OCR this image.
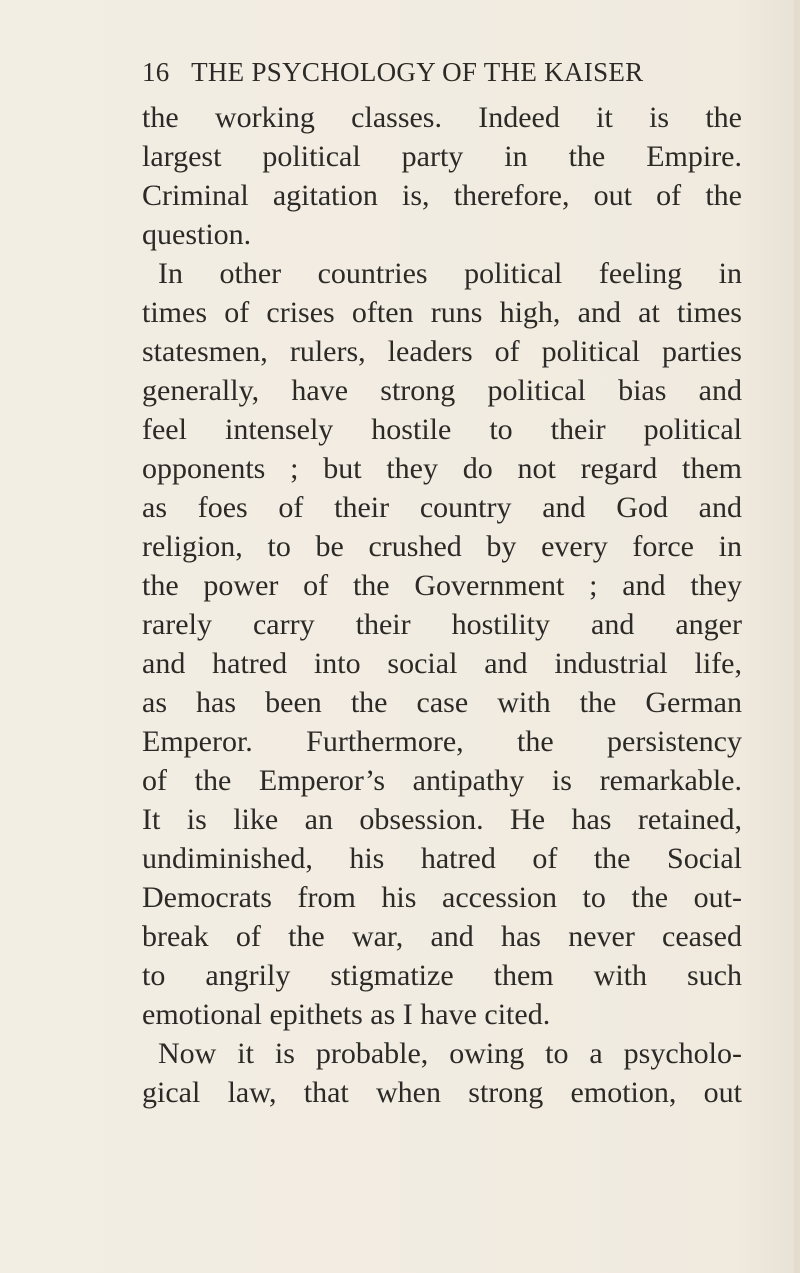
16 THE PSYCHOLOGY OF THE KAISER
the working classes. Indeed it is the
largest political party in the Empire.
Criminal agitation is, therefore, out of the
question.
In other countries political feeling in
times of crises often runs high, and at times
statesmen, rulers, leaders of political parties
generally, have strong political bias and
feel intensely hostile to their political
opponents ; but they do not regard them
as foes of their country and God and
religion, to be crushed by every force in
the power of the Government ; and they
rarely carry their hostility and anger
and hatred into social and industrial life,
as has been the case with the German
Emperor. Furthermore, the persistency
of the Emperor’s antipathy is remarkable.
It is like an obsession. He has retained,
undiminished, his hatred of the Social
Democrats from his accession to the out-
break of the war, and has never ceased
to angrily stigmatize them with such
emotional epithets as I have cited.
Now it is probable, owing to a psycholo-
gical law, that when strong emotion, out
